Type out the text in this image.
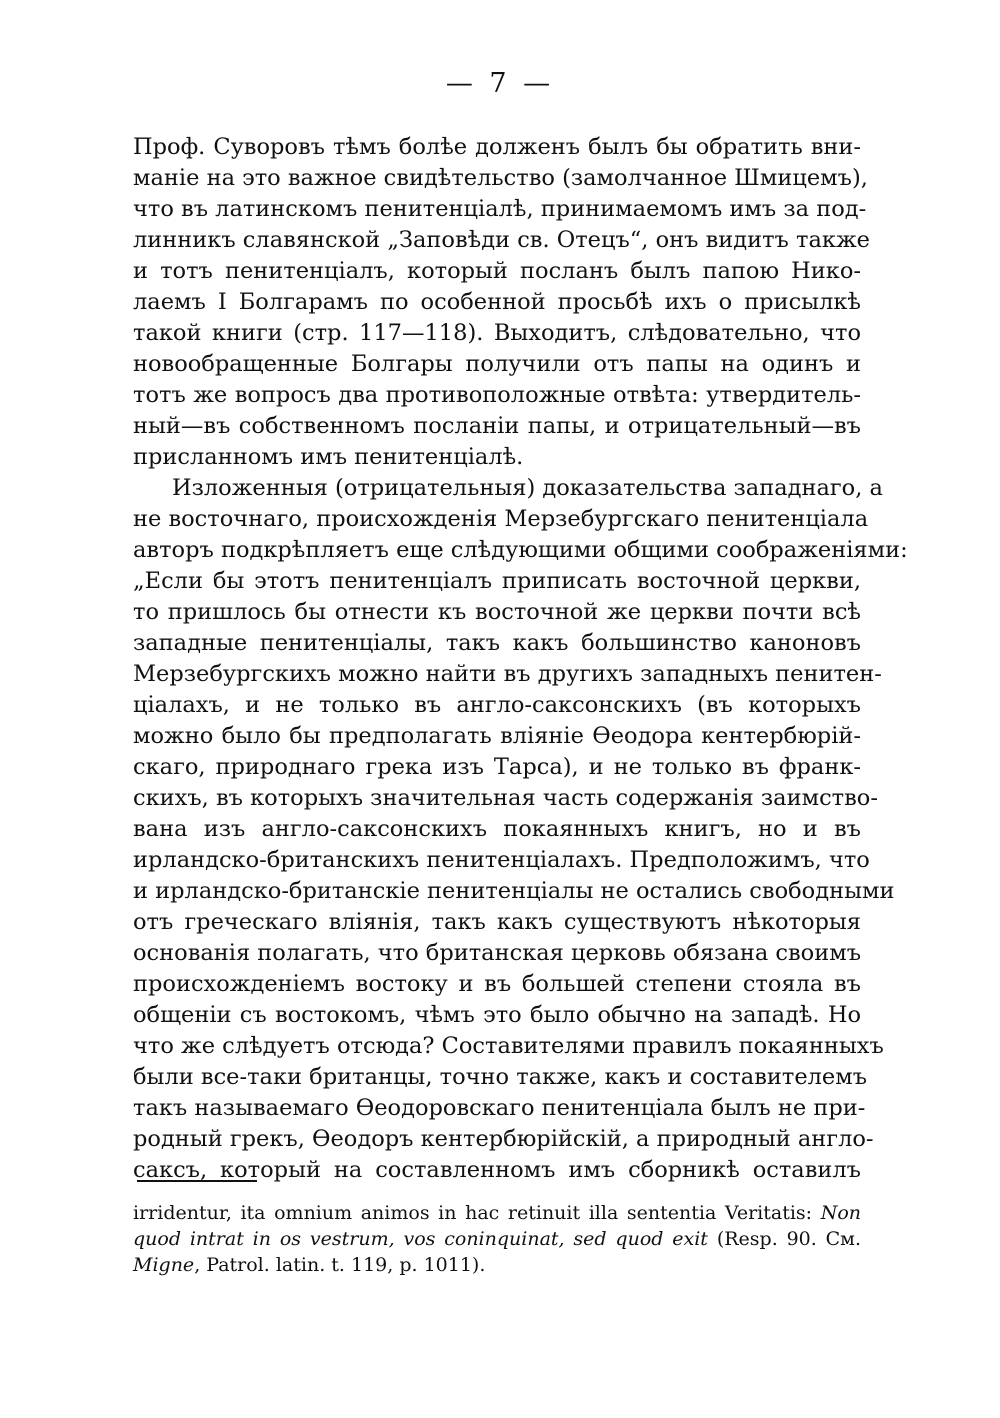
— 7 —
Проф. Суворовъ тѣмъ болѣе долженъ былъ бы обратить вни-
маніе на это важное свидѣтельство (замолчанное Шмицемъ),
что въ латинскомъ пенитенціалѣ, принимаемомъ имъ за под-
линникъ славянской „Заповѣди св. Отецъ“, онъ видитъ также
и тотъ пенитенціалъ, который посланъ былъ папою Нико-
лаемъ I Болгарамъ по особенной просьбѣ ихъ о присылкѣ
такой книги (стр. 117—118). Выходитъ, слѣдовательно, что
новообращенные Болгары получили отъ папы на одинъ и
тотъ же вопросъ два противоположные отвѣта: утвердитель-
ный—въ собственномъ посланіи папы, и отрицательный—въ
присланномъ имъ пенитенціалѣ.
Изложенныя (отрицательныя) доказательства западнаго, а
не восточнаго, происхожденія Мерзебургскаго пенитенціала
авторъ подкрѣпляетъ еще слѣдующими общими соображеніями:
„Если бы этотъ пенитенціалъ приписать восточной церкви,
то пришлось бы отнести къ восточной же церкви почти всѣ
западные пенитенціалы, такъ какъ большинство каноновъ
Мерзебургскихъ можно найти въ другихъ западныхъ пенитен-
ціалахъ, и не только въ англо-саксонскихъ (въ которыхъ
можно было бы предполагать вліяніе Ѳеодора кентербюрій-
скаго, природнаго грека изъ Тарса), и не только въ франк-
скихъ, въ которыхъ значительная часть содержанія заимство-
вана изъ англо-саксонскихъ покаянныхъ книгъ, но и въ
ирландско-британскихъ пенитенціалахъ. Предположимъ, что
и ирландско-британскіе пенитенціалы не остались свободными
отъ греческаго вліянія, такъ какъ существуютъ нѣкоторыя
основанія полагать, что британская церковь обязана своимъ
происхожденіемъ востоку и въ большей степени стояла въ
общеніи съ востокомъ, чѣмъ это было обычно на западѣ. Но
что же слѣдуетъ отсюда? Составителями правилъ покаянныхъ
были все-таки британцы, точно также, какъ и составителемъ
такъ называемаго Ѳеодоровскаго пенитенціала былъ не при-
родный грекъ, Ѳеодоръ кентербюрійскій, а природный англо-
саксъ, который на составленномъ имъ сборникѣ оставилъ
irridentur, ita omnium animos in hac retinuit illa sententia Veritatis: Non
quod intrat in os vestrum, vos coninquinat, sed quod exit (Resp. 90. Cм.
Migne, Patrol. latin. t. 119, p. 1011).
